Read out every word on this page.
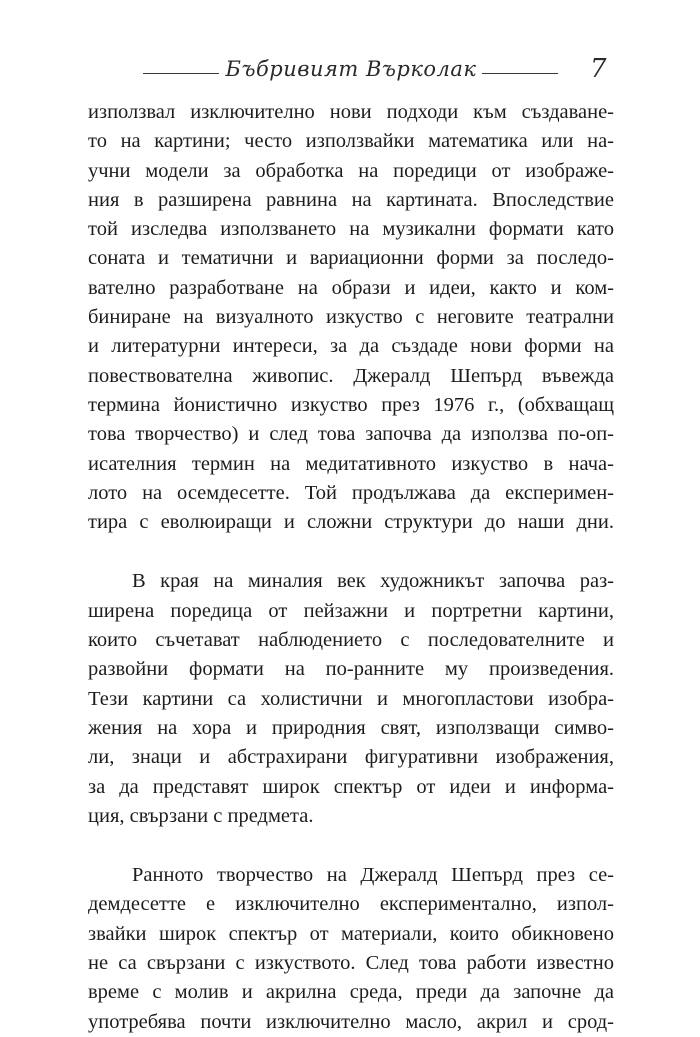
Бъбривият Върколак	7
използвал изключително нови подходи към създаване-
то на картини; често използвайки математика или на-
учни модели за обработка на поредици от изображе-
ния в разширена равнина на картината. Впоследствие
той изследва използването на музикални формати като
соната и тематични и вариационни форми за последо-
вателно разработване на образи и идеи, както и ком-
биниране на визуалното изкуство с неговите театрални
и литературни интереси, за да създаде нови форми на
повествователна живопис. Джералд Шепърд въвежда
термина йонистично изкуство през 1976 г., (обхващащ
това творчество) и след това започва да използва по-оп-
исателния термин на медитативното изкуство в нача-
лото на осемдесетте. Той продължава да експеримен-
тира с еволюиращи и сложни структури до наши дни.
В края на миналия век художникът започва раз-
ширена поредица от пейзажни и портретни картини,
които съчетават наблюдението с последователните и
развойни формати на по-ранните му произведения.
Тези картини са холистични и многопластови изобра-
жения на хора и природния свят, използващи симво-
ли, знаци и абстрахирани фигуративни изображения,
за да представят широк спектър от идеи и информа-
ция, свързани с предмета.
Ранното творчество на Джералд Шепърд през се-
демдесетте е изключително експериментално, изпол-
звайки широк спектър от материали, които обикновено
не са свързани с изкуството. След това работи известно
време с молив и акрилна среда, преди да започне да
употребява почти изключително масло, акрил и срод-
